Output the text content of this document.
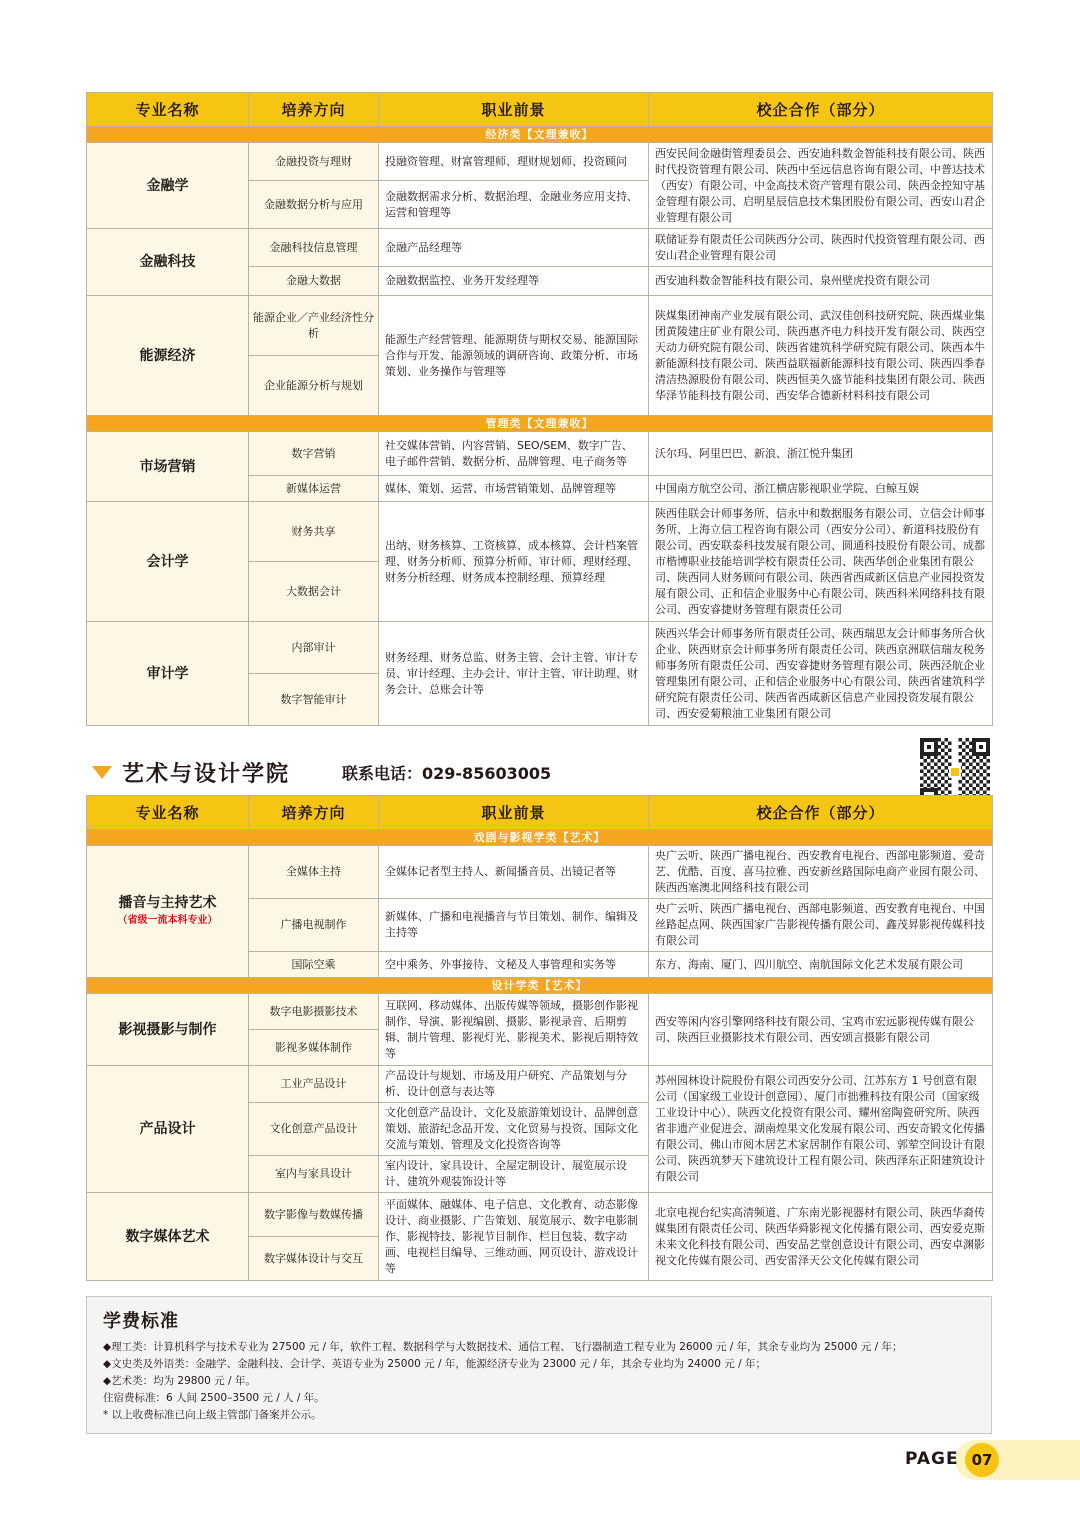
专业名称	培养方向	职业前景	校企合作（部分）
经济类【文理兼收】			
金融学	金融投资与理财	投融资管理、财富管理师、理财规划师、投资顾问	西安民间金融街管理委员会、西安迪科数金智能科技有限公司、陕西时代投资管理有限公司、陕西中至远信息咨询有限公司、中普达技术（西安）有限公司、中金高技术资产管理有限公司、陕西金控知守基金管理有限公司、启明星辰信息技术集团股份有限公司、西安山君企业管理有限公司
	金融数据分析与应用	金融数据需求分析、数据治理、金融业务应用支持、运营和管理等	
金融科技	金融科技信息管理	金融产品经理等	联储证券有限责任公司陕西分公司、陕西时代投资管理有限公司、西安山君企业管理有限公司
	金融大数据	金融数据监控、业务开发经理等	西安迪科数金智能科技有限公司、泉州壁虎投资有限公司
能源经济	能源企业／产业经济性分析	能源生产经营管理、能源期货与期权交易、能源国际合作与开发、能源领域的调研咨询、政策分析、市场策划、业务操作与管理等	陕煤集团神南产业发展有限公司、武汉佳创科技研究院、陕西煤业集团黄陵建庄矿业有限公司、陕西惠齐电力科技开发有限公司、陕西空天动力研究院有限公司、陕西省建筑科学研究院有限公司、陕西本牛新能源科技有限公司、陕西益联福新能源科技有限公司、陕西四季春清洁热源股份有限公司、陕西恒美久盛节能科技集团有限公司、陕西华泽节能科技有限公司、西安华合德新材料科技有限公司
	企业能源分析与规划		
管理类【文理兼收】			
市场营销	数字营销	社交媒体营销、内容营销、SEO/SEM、数字广告、电子邮件营销、数据分析、品牌管理、电子商务等	沃尔玛、阿里巴巴、新浪、浙江悦升集团
	新媒体运营	媒体、策划、运营、市场营销策划、品牌管理等	中国南方航空公司、浙江横店影视职业学院、白鲸互娱
会计学	财务共享	出纳、财务核算、工资核算、成本核算、会计档案管理、财务分析师、预算分析师、审计师、理财经理、财务分析经理、财务成本控制经理、预算经理	陕西佳联会计师事务所、信永中和数据服务有限公司、立信会计师事务所、上海立信工程咨询有限公司（西安分公司）、新道科技股份有限公司、西安联泰科技发展有限公司、圆通科技股份有限公司、成都市楷博职业技能培训学校有限责任公司、陕西华创企业集团有限公司、陕西同人财务顾问有限公司、陕西省西咸新区信息产业园投资发展有限公司、正和信企业服务中心有限公司、陕西科米网络科技有限公司、西安睿捷财务管理有限责任公司
	大数据会计		
审计学	内部审计	财务经理、财务总监、财务主管、会计主管、审计专员、审计经理、主办会计、审计主管、审计助理、财务会计、总账会计等	陕西兴华会计师事务所有限责任公司、陕西瑞思友会计师事务所合伙企业、陕西财京会计师事务所有限责任公司、陕西京洲联信瑞友税务师事务所有限责任公司、西安睿捷财务管理有限公司、陕西泾航企业管理集团有限公司、正和信企业服务中心有限公司、陕西省建筑科学研究院有限责任公司、陕西省西咸新区信息产业园投资发展有限公司、西安爱菊粮油工业集团有限公司
	数字智能审计		
艺术与设计学院	联系电话：029-85603005
专业名称	培养方向	职业前景	校企合作（部分）
戏剧与影视学类【艺术】			
播音与主持艺术
（省级一流本科专业）	全媒体主持	全媒体记者型主持人、新闻播音员、出镜记者等	央广云听、陕西广播电视台、西安教育电视台、西部电影频道、爱奇艺、优酷、百度、喜马拉雅、西安新丝路国际电商产业园有限公司、陕西西塞澳北网络科技有限公司
	广播电视制作	新媒体、广播和电视播音与节目策划、制作、编辑及主持等	央广云听、陕西广播电视台、西部电影频道、西安教育电视台、中国丝路起点网、陕西国家广告影视传播有限公司、鑫茂昇影视传媒科技有限公司
	国际空乘	空中乘务、外事接待、文秘及人事管理和实务等	东方、海南、厦门、四川航空、南航国际文化艺术发展有限公司
设计学类【艺术】			
影视摄影与制作	数字电影摄影技术	互联网、移动媒体、出版传媒等领域，摄影创作影视制作、导演、影视编剧、摄影、影视录音、后期剪辑、制片管理、影视灯光、影视美术、影视后期特效等	西安等闲内容引擎网络科技有限公司、宝鸡市宏远影视传媒有限公司、陕西巨业摄影技术有限公司、西安颂言摄影有限公司
	影视多媒体制作		
产品设计	工业产品设计	产品设计与规划、市场及用户研究、产品策划与分析、设计创意与表达等	苏州园林设计院股份有限公司西安分公司、江苏东方 1 号创意有限公司（国家级工业设计创意园）、厦门市拙雅科技有限公司（国家级工业设计中心）、陕西文化投资有限公司、耀州窑陶瓷研究所、陕西省非遗产业促进会、湖南煌果文化发展有限公司、西安奇锻文化传播有限公司、佛山市阅木居艺术家居制作有限公司、郭荤空间设计有限公司、陕西筑梦天下建筑设计工程有限公司、陕西泽东正阳建筑设计有限公司
	文化创意产品设计	文化创意产品设计、文化及旅游策划设计、品牌创意策划、旅游纪念品开发、文化贸易与投资、国际文化交流与策划、管理及文化投资咨询等	
	室内与家具设计	室内设计、家具设计、全屋定制设计、展览展示设计、建筑外观装饰设计等	
数字媒体艺术	数字影像与数媒传播	平面媒体、融媒体、电子信息、文化教育、动态影像设计、商业摄影、广告策划、展览展示、数字电影制作、影视特技、影视节目制作、栏目包装、数字动画、电视栏目编导、三维动画、网页设计、游戏设计等	北京电视台纪实高清频道、广东南光影视器材有限公司、陕西华裔传媒集团有限责任公司、陕西华舜影视文化传播有限公司、西安爱克斯未来文化科技有限公司、西安品艺堂创意设计有限公司、西安卓渊影视文化传媒有限公司、西安雷泽天公文化传媒有限公司
	数字媒体设计与交互		
学费标准

◆理工类：计算机科学与技术专业为 27500 元 / 年，软件工程、数据科学与大数据技术、通信工程、飞行器制造工程专业为 26000 元 / 年，其余专业均为 25000 元 / 年；

◆文史类及外语类：金融学、金融科技、会计学、英语专业为 25000 元 / 年，能源经济专业为 23000 元 / 年，其余专业均为 24000 元 / 年；

◆艺术类：均为 29800 元 / 年。

住宿费标准：6 人间 2500–3500 元 / 人 / 年。

* 以上收费标准已向上级主管部门备案并公示。

PAGE 07
